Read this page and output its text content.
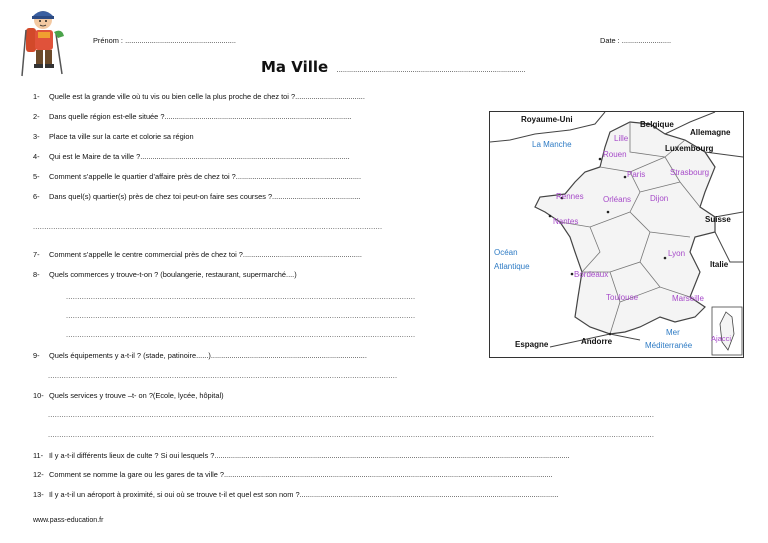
Prénom : ......................................................	Date : ........................
Ma Ville ............................................................................................
1- Quelle est la grande ville où tu vis ou bien celle la plus proche de chez toi ?..................................
2- Dans quelle région est-elle située ?...........................................................................................
3- Place ta ville sur la carte et colorie sa région
4- Qui est le Maire de ta ville ?......................................................................................................
5- Comment s’appelle le quartier d’affaire près de chez toi ?.............................................................
6- Dans quel(s) quartier(s) près de chez toi peut-on faire ses courses ?...........................................
...........................................................................................................................................................
7- Comment s’appelle le centre commercial près de chez toi ?..........................................................
8- Quels commerces y trouve-t-on ? (boulangerie, restaurant, supermarché....)
...........................................................................................................................................................
...........................................................................................................................................................
...........................................................................................................................................................
9- Quels équipements y a-t-il ? (stade, patinoire......)............................................................................
...........................................................................................................................................................
10- Quels services y trouve –t- on ?(Ecole, lycée, hôpital)
.............................................................................................................................................................................................................................................................................
.............................................................................................................................................................................................................................................................................
11- Il y a-t-il différents lieux de culte ? Si oui lesquels ?.............................................................................................................................................................................
12- Comment se nomme la gare ou les gares de ta ville ?................................................................................................................................................................
13- Il y a-t-il un aéroport à proximité, si oui où se trouve t-il et quel est son nom ?..............................................................................................................................
www.pass-education.fr
Royaume-Uni
Belgique
Allemagne
Luxembourg
Suisse
Italie
Espagne	Andorre
La Manche
Océan
Atlantique
Mer
Méditerranée
Lille
Rouen
Paris	Strasbourg
Rennes
Nantes
Orléans Dijon
Lyon
Bordeaux
Toulouse	Marseille
Ajacci
